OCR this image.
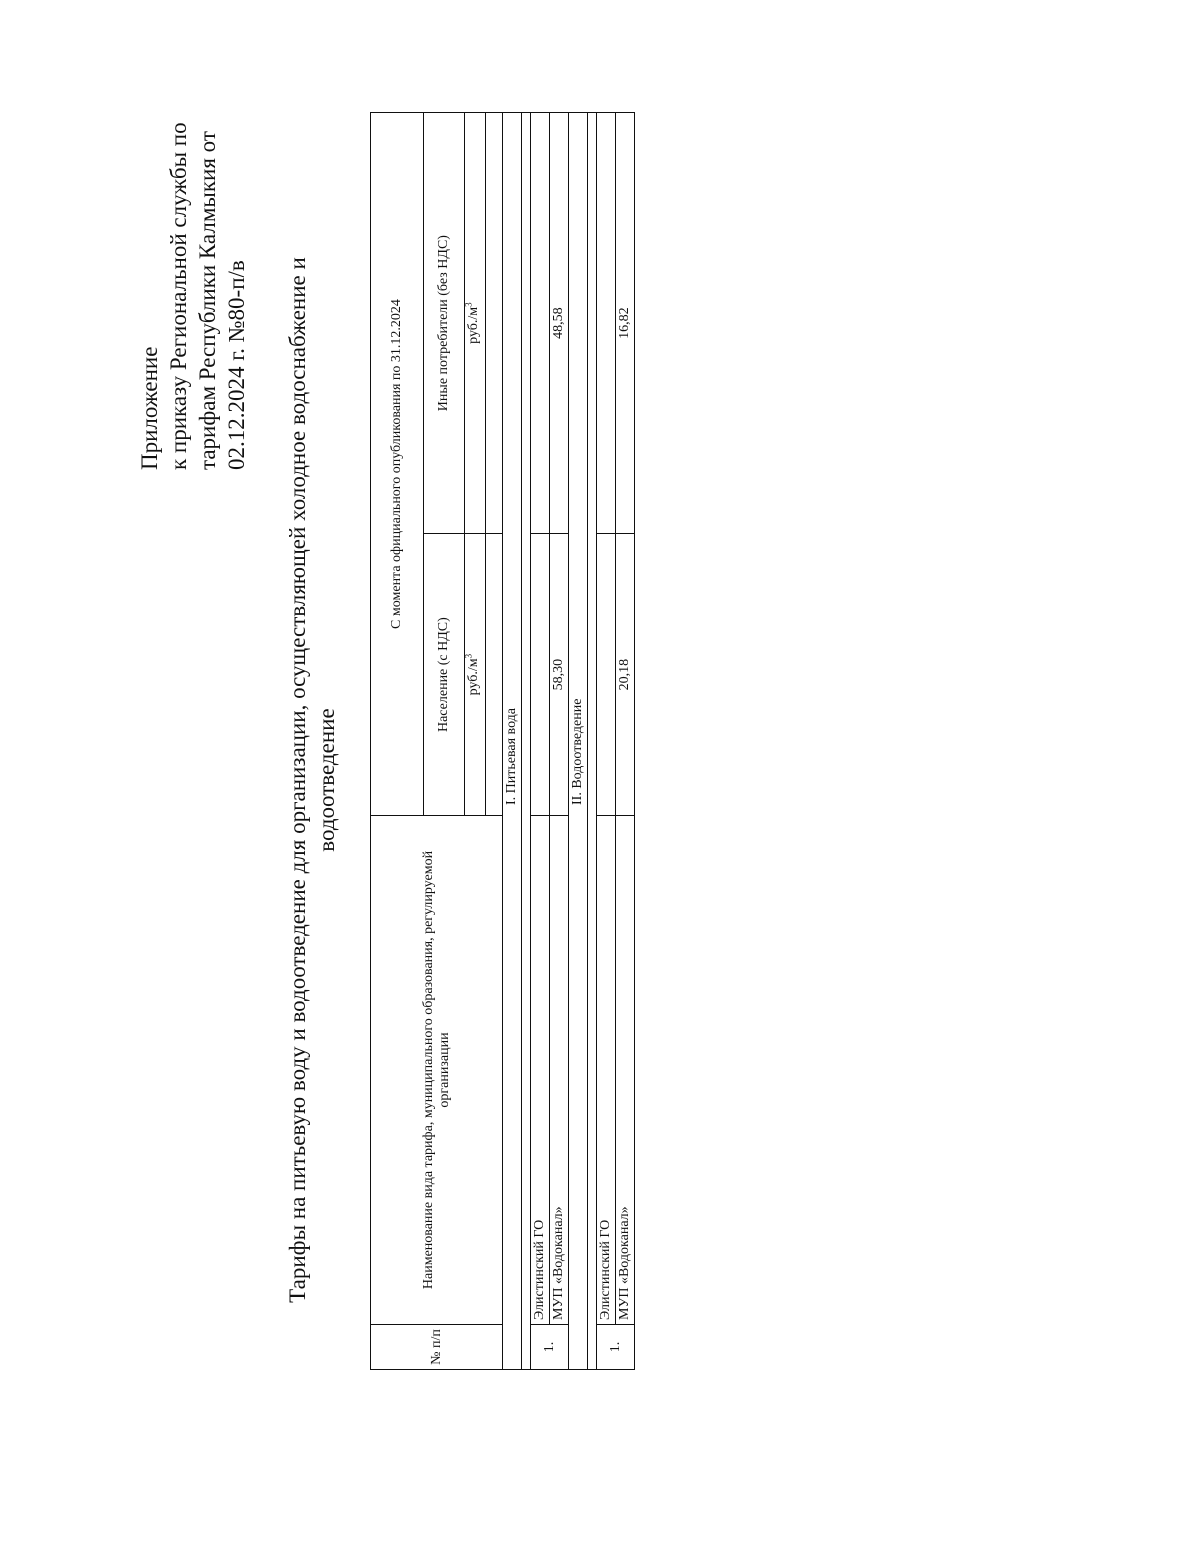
Приложение к приказу Региональной службы по тарифам Республики Калмыкия от 02.12.2024 г. №80-п/в Тарифы на питьевую воду и водоотведение для организации, осуществляющей холодное водоснабжение и водоотведение
№ п/п	Наименование вида тарифа, муниципального образования, регулируемой организации	С момента официального опубликования по 31.12.2024	
		Население (с НДС)	Иные потребители (без НДС)
		$руб./м^3$	$руб./м^3$

I. Питьевая вода			

1.	Элистинский ГО		
	МУП «Водоканал»	58,30	48,58
II. Водоотведение			

1.	Элистинский ГО		
	МУП «Водоканал»	20,18	16,82
